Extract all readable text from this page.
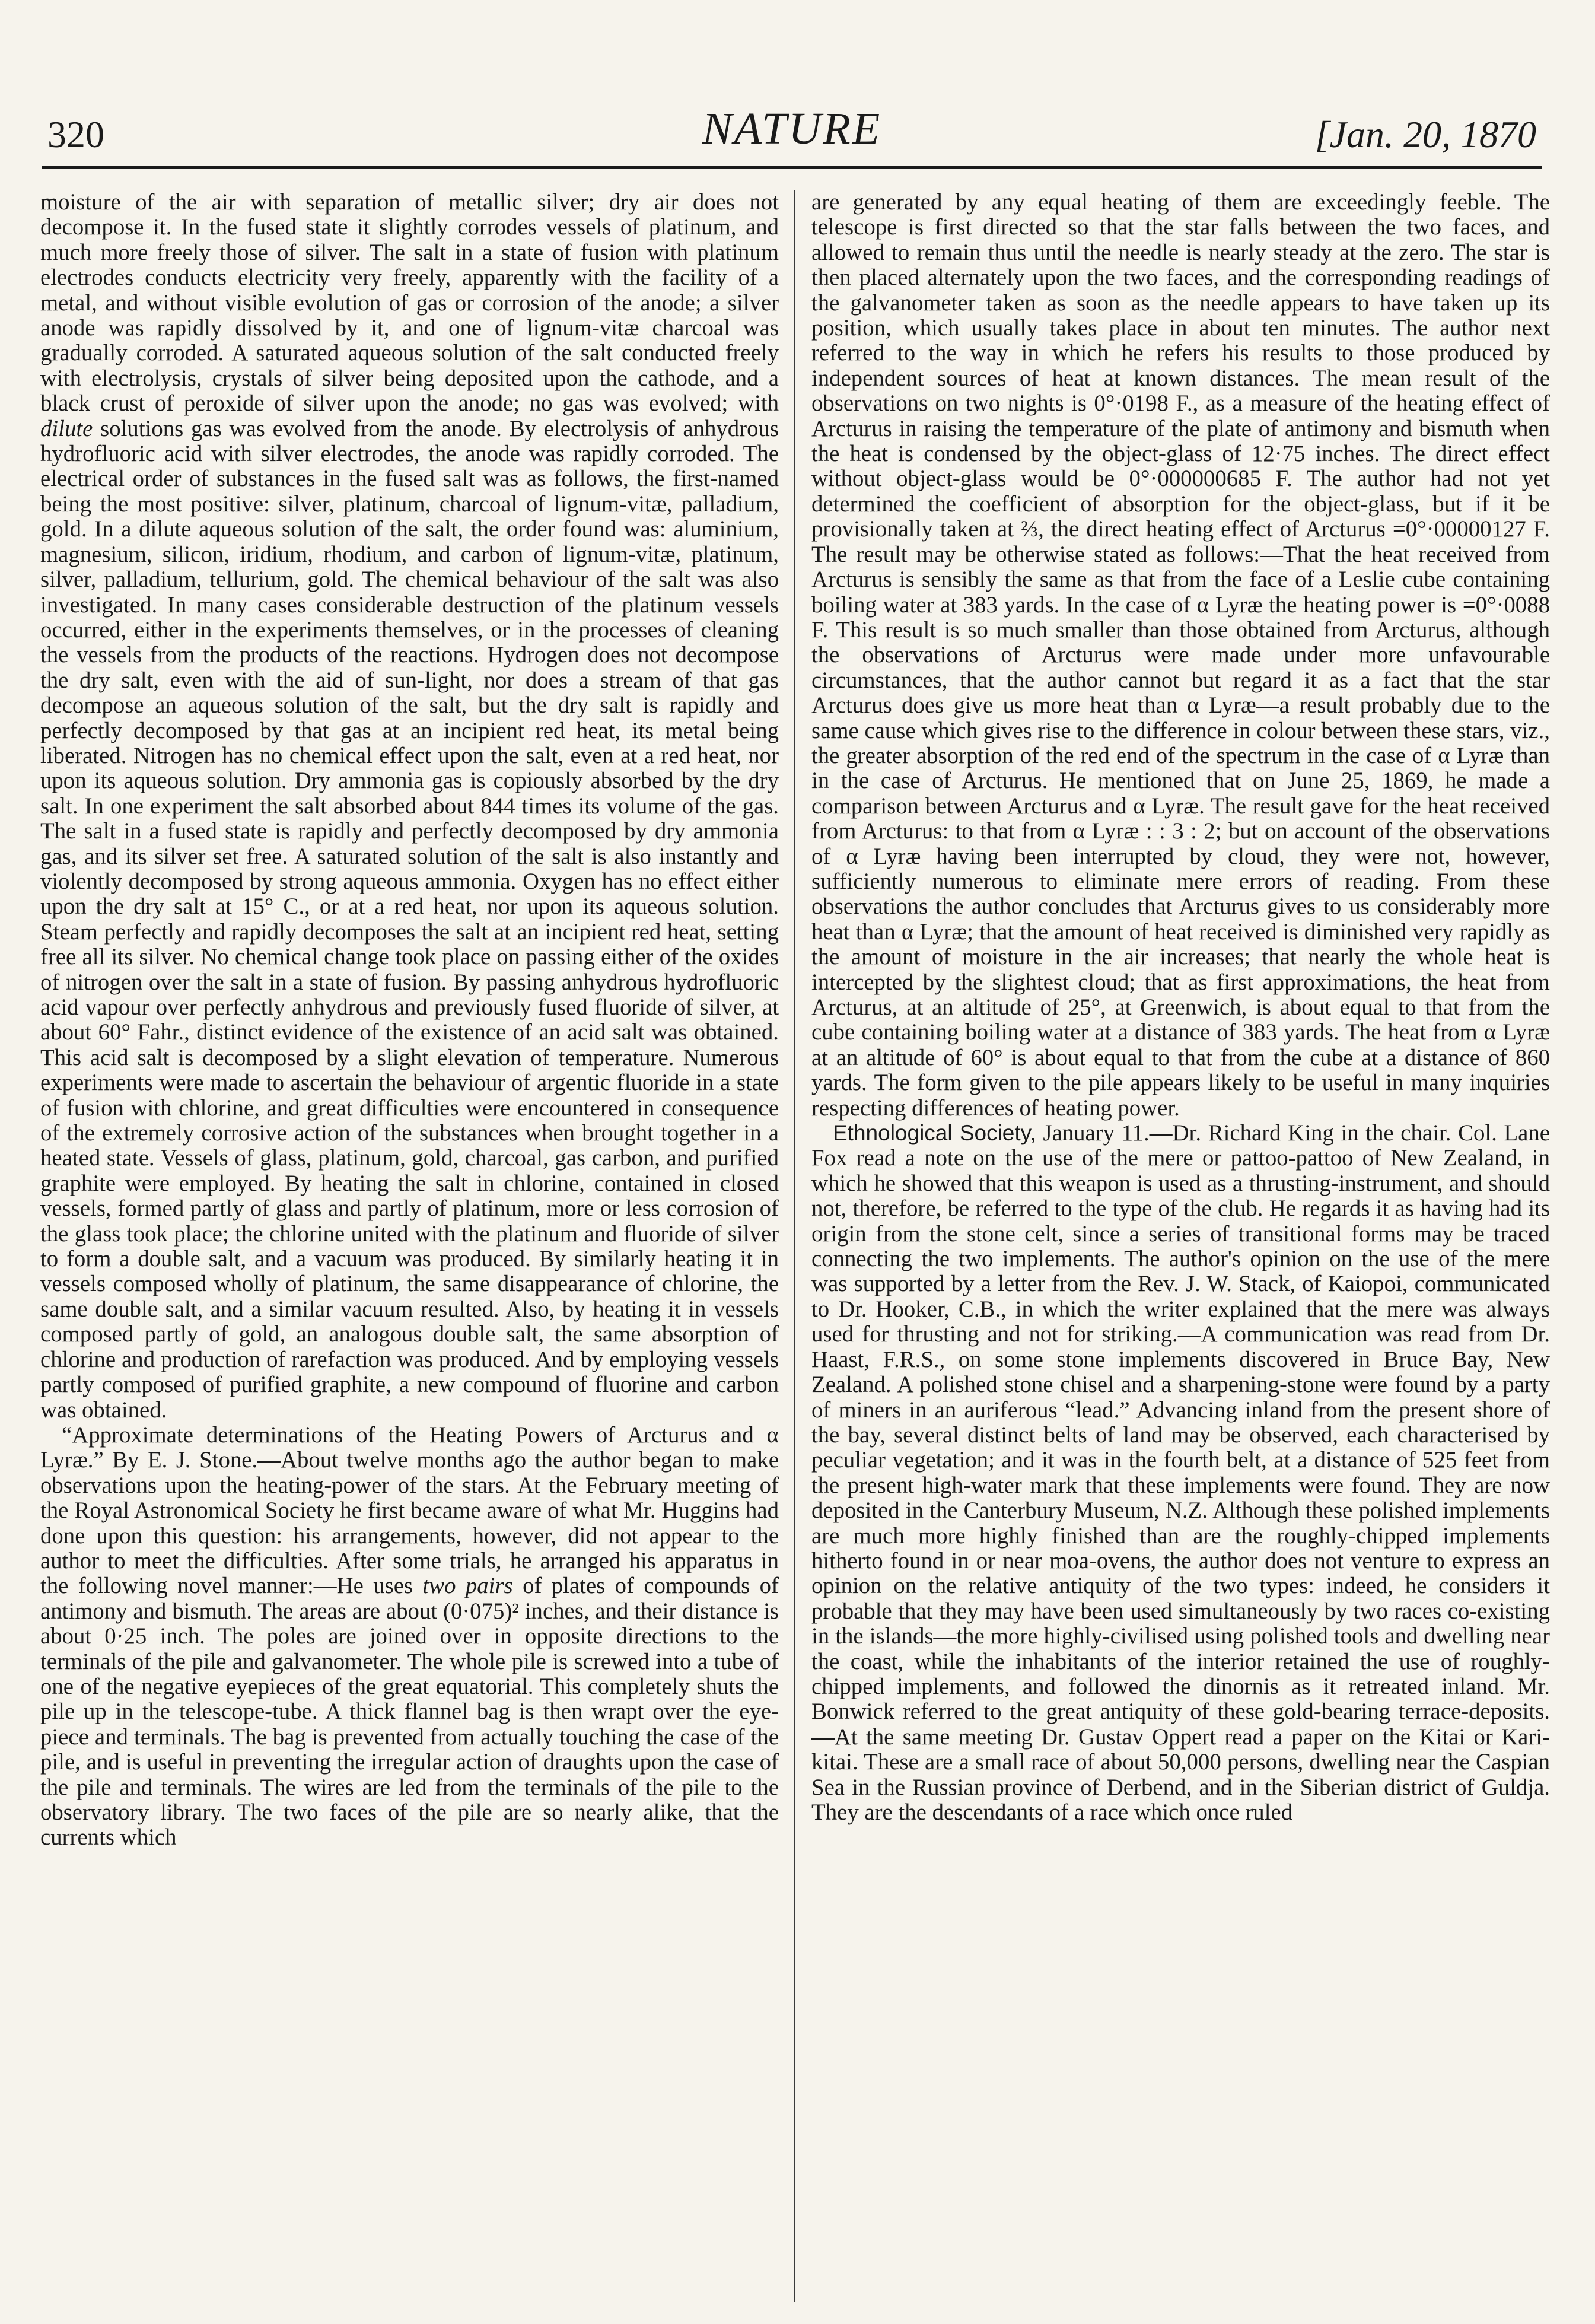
320	NATURE	[Jan. 20, 1870

moisture of the air with separation of metallic silver; dry air does not decompose it. In the fused state it slightly corrodes vessels of platinum, and much more freely those of silver. The salt in a state of fusion with platinum electrodes conducts electricity very freely, apparently with the facility of a metal, and without visible evolution of gas or corrosion of the anode; a silver anode was rapidly dissolved by it, and one of lignum-vitæ charcoal was gradually corroded. A saturated aqueous solution of the salt conducted freely with electrolysis, crystals of silver being deposited upon the cathode, and a black crust of peroxide of silver upon the anode; no gas was evolved; with dilute solutions gas was evolved from the anode. By electrolysis of anhydrous hydrofluoric acid with silver electrodes, the anode was rapidly corroded. The electrical order of substances in the fused salt was as follows, the first-named being the most positive: silver, platinum, charcoal of lignum-vitæ, palladium, gold. In a dilute aqueous solution of the salt, the order found was: aluminium, magnesium, silicon, iridium, rhodium, and carbon of lignum-vitæ, platinum, silver, palladium, tellurium, gold. The chemical behaviour of the salt was also investigated. In many cases considerable destruction of the platinum vessels occurred, either in the experiments themselves, or in the processes of cleaning the vessels from the products of the reactions. Hydrogen does not decompose the dry salt, even with the aid of sun-light, nor does a stream of that gas decompose an aqueous solution of the salt, but the dry salt is rapidly and perfectly decomposed by that gas at an incipient red heat, its metal being liberated. Nitrogen has no chemical effect upon the salt, even at a red heat, nor upon its aqueous solution. Dry ammonia gas is copiously absorbed by the dry salt. In one experiment the salt absorbed about 844 times its volume of the gas. The salt in a fused state is rapidly and perfectly decomposed by dry ammonia gas, and its silver set free. A saturated solution of the salt is also instantly and violently decomposed by strong aqueous ammonia. Oxygen has no effect either upon the dry salt at 15° C., or at a red heat, nor upon its aqueous solution. Steam perfectly and rapidly decomposes the salt at an incipient red heat, setting free all its silver. No chemical change took place on passing either of the oxides of nitrogen over the salt in a state of fusion. By passing anhydrous hydrofluoric acid vapour over perfectly anhydrous and previously fused fluoride of silver, at about 60° Fahr., distinct evidence of the existence of an acid salt was obtained. This acid salt is decomposed by a slight elevation of temperature. Numerous experiments were made to ascertain the behaviour of argentic fluoride in a state of fusion with chlorine, and great difficulties were encountered in consequence of the extremely corrosive action of the substances when brought together in a heated state. Vessels of glass, platinum, gold, charcoal, gas carbon, and purified graphite were employed. By heating the salt in chlorine, contained in closed vessels, formed partly of glass and partly of platinum, more or less corrosion of the glass took place; the chlorine united with the platinum and fluoride of silver to form a double salt, and a vacuum was produced. By similarly heating it in vessels composed wholly of platinum, the same disappearance of chlorine, the same double salt, and a similar vacuum resulted. Also, by heating it in vessels composed partly of gold, an analogous double salt, the same absorption of chlorine and production of rarefaction was produced. And by employing vessels partly composed of purified graphite, a new compound of fluorine and carbon was obtained.

“Approximate determinations of the Heating Powers of Arcturus and α Lyræ.” By E. J. Stone.—About twelve months ago the author began to make observations upon the heating-power of the stars. At the February meeting of the Royal Astronomical Society he first became aware of what Mr. Huggins had done upon this question: his arrangements, however, did not appear to the author to meet the difficulties. After some trials, he arranged his apparatus in the following novel manner:—He uses two pairs of plates of compounds of antimony and bismuth. The areas are about (0·075)² inches, and their distance is about 0·25 inch. The poles are joined over in opposite directions to the terminals of the pile and galvanometer. The whole pile is screwed into a tube of one of the negative eyepieces of the great equatorial. This completely shuts the pile up in the telescope-tube. A thick flannel bag is then wrapt over the eye-piece and terminals. The bag is prevented from actually touching the case of the pile, and is useful in preventing the irregular action of draughts upon the case of the pile and terminals. The wires are led from the terminals of the pile to the observatory library. The two faces of the pile are so nearly alike, that the currents which

are generated by any equal heating of them are exceedingly feeble. The telescope is first directed so that the star falls between the two faces, and allowed to remain thus until the needle is nearly steady at the zero. The star is then placed alternately upon the two faces, and the corresponding readings of the galvanometer taken as soon as the needle appears to have taken up its position, which usually takes place in about ten minutes. The author next referred to the way in which he refers his results to those produced by independent sources of heat at known distances. The mean result of the observations on two nights is 0°·0198 F., as a measure of the heating effect of Arcturus in raising the temperature of the plate of antimony and bismuth when the heat is condensed by the object-glass of 12·75 inches. The direct effect without object-glass would be 0°·000000685 F. The author had not yet determined the coefficient of absorption for the object-glass, but if it be provisionally taken at ⅔, the direct heating effect of Arcturus =0°·00000127 F. The result may be otherwise stated as follows:—That the heat received from Arcturus is sensibly the same as that from the face of a Leslie cube containing boiling water at 383 yards. In the case of α Lyræ the heating power is =0°·0088 F. This result is so much smaller than those obtained from Arcturus, although the observations of Arcturus were made under more unfavourable circumstances, that the author cannot but regard it as a fact that the star Arcturus does give us more heat than α Lyræ—a result probably due to the same cause which gives rise to the difference in colour between these stars, viz., the greater absorption of the red end of the spectrum in the case of α Lyræ than in the case of Arcturus. He mentioned that on June 25, 1869, he made a comparison between Arcturus and α Lyræ. The result gave for the heat received from Arcturus: to that from α Lyræ : : 3 : 2; but on account of the observations of α Lyræ having been interrupted by cloud, they were not, however, sufficiently numerous to eliminate mere errors of reading. From these observations the author concludes that Arcturus gives to us considerably more heat than α Lyræ; that the amount of heat received is diminished very rapidly as the amount of moisture in the air increases; that nearly the whole heat is intercepted by the slightest cloud; that as first approximations, the heat from Arcturus, at an altitude of 25°, at Greenwich, is about equal to that from the cube containing boiling water at a distance of 383 yards. The heat from α Lyræ at an altitude of 60° is about equal to that from the cube at a distance of 860 yards. The form given to the pile appears likely to be useful in many inquiries respecting differences of heating power.

Ethnological Society, January 11.—Dr. Richard King in the chair. Col. Lane Fox read a note on the use of the mere or pattoo-pattoo of New Zealand, in which he showed that this weapon is used as a thrusting-instrument, and should not, therefore, be referred to the type of the club. He regards it as having had its origin from the stone celt, since a series of transitional forms may be traced connecting the two implements. The author's opinion on the use of the mere was supported by a letter from the Rev. J. W. Stack, of Kaiopoi, communicated to Dr. Hooker, C.B., in which the writer explained that the mere was always used for thrusting and not for striking.—A communication was read from Dr. Haast, F.R.S., on some stone implements discovered in Bruce Bay, New Zealand. A polished stone chisel and a sharpening-stone were found by a party of miners in an auriferous “lead.” Advancing inland from the present shore of the bay, several distinct belts of land may be observed, each characterised by peculiar vegetation; and it was in the fourth belt, at a distance of 525 feet from the present high-water mark that these implements were found. They are now deposited in the Canterbury Museum, N.Z. Although these polished implements are much more highly finished than are the roughly-chipped implements hitherto found in or near moa-ovens, the author does not venture to express an opinion on the relative antiquity of the two types: indeed, he considers it probable that they may have been used simultaneously by two races co-existing in the islands—the more highly-civilised using polished tools and dwelling near the coast, while the inhabitants of the interior retained the use of roughly-chipped implements, and followed the dinornis as it retreated inland. Mr. Bonwick referred to the great antiquity of these gold-bearing terrace-deposits.—At the same meeting Dr. Gustav Oppert read a paper on the Kitai or Kari-kitai. These are a small race of about 50,000 persons, dwelling near the Caspian Sea in the Russian province of Derbend, and in the Siberian district of Guldja. They are the descendants of a race which once ruled
